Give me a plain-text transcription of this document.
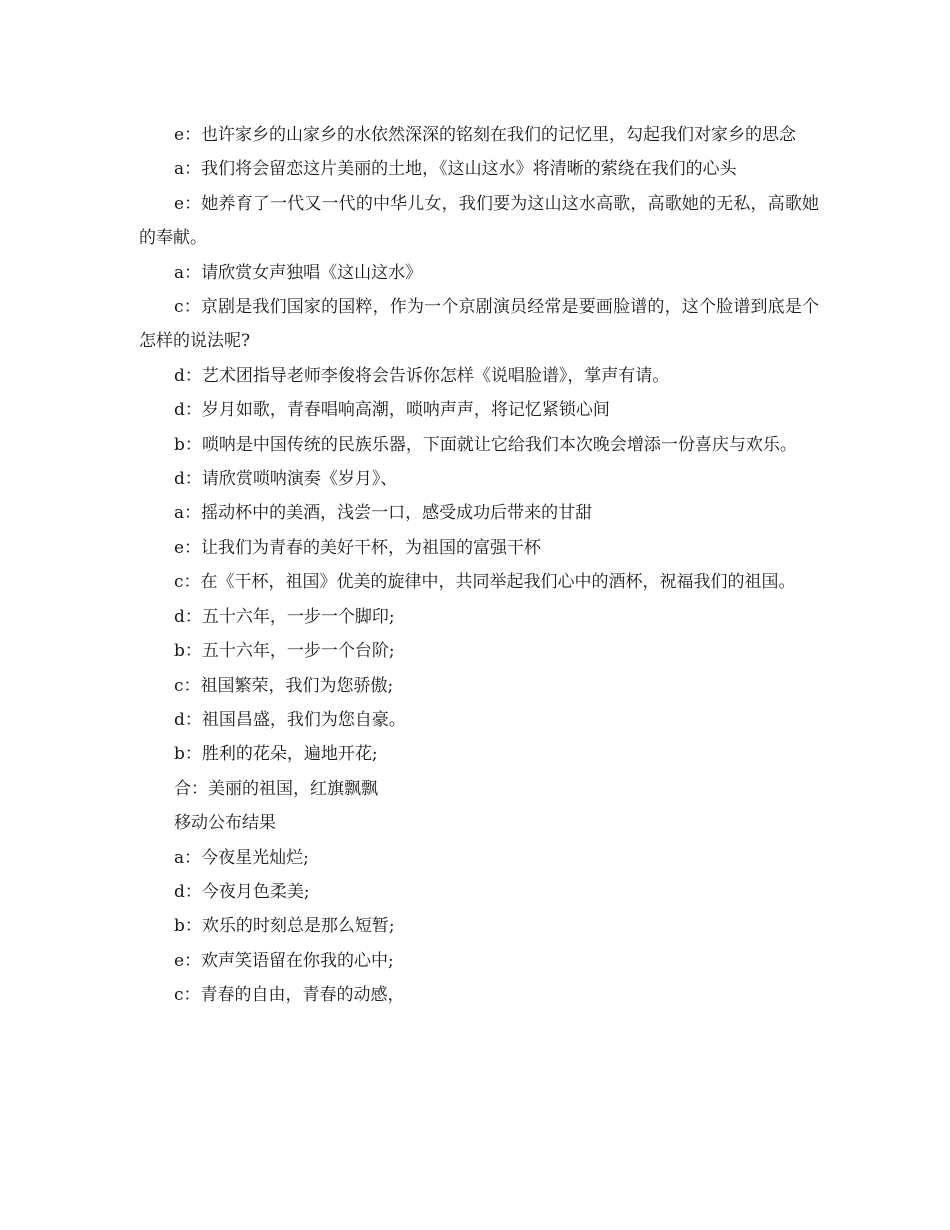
e：也许家乡的山家乡的水依然深深的铭刻在我们的记忆里，勾起我们对家乡的思念

a：我们将会留恋这片美丽的土地，《这山这水》将清晰的萦绕在我们的心头

e：她养育了一代又一代的中华儿女，我们要为这山这水高歌，高歌她的无私，高歌她的奉献。

a：请欣赏女声独唱《这山这水》

c：京剧是我们国家的国粹，作为一个京剧演员经常是要画脸谱的，这个脸谱到底是个怎样的说法呢?

d：艺术团指导老师李俊将会告诉你怎样《说唱脸谱》，掌声有请。

d：岁月如歌，青春唱响高潮，唢呐声声，将记忆紧锁心间

b：唢呐是中国传统的民族乐器，下面就让它给我们本次晚会增添一份喜庆与欢乐。

d：请欣赏唢呐演奏《岁月》、

a：摇动杯中的美酒，浅尝一口，感受成功后带来的甘甜

e：让我们为青春的美好干杯，为祖国的富强干杯

c：在《干杯，祖国》优美的旋律中，共同举起我们心中的酒杯，祝福我们的祖国。

d：五十六年，一步一个脚印;

b：五十六年，一步一个台阶;

c：祖国繁荣，我们为您骄傲;

d：祖国昌盛，我们为您自豪。

b：胜利的花朵，遍地开花;

合：美丽的祖国，红旗飘飘

移动公布结果

a：今夜星光灿烂;

d：今夜月色柔美;

b：欢乐的时刻总是那么短暂;

e：欢声笑语留在你我的心中;

c：青春的自由，青春的动感，
